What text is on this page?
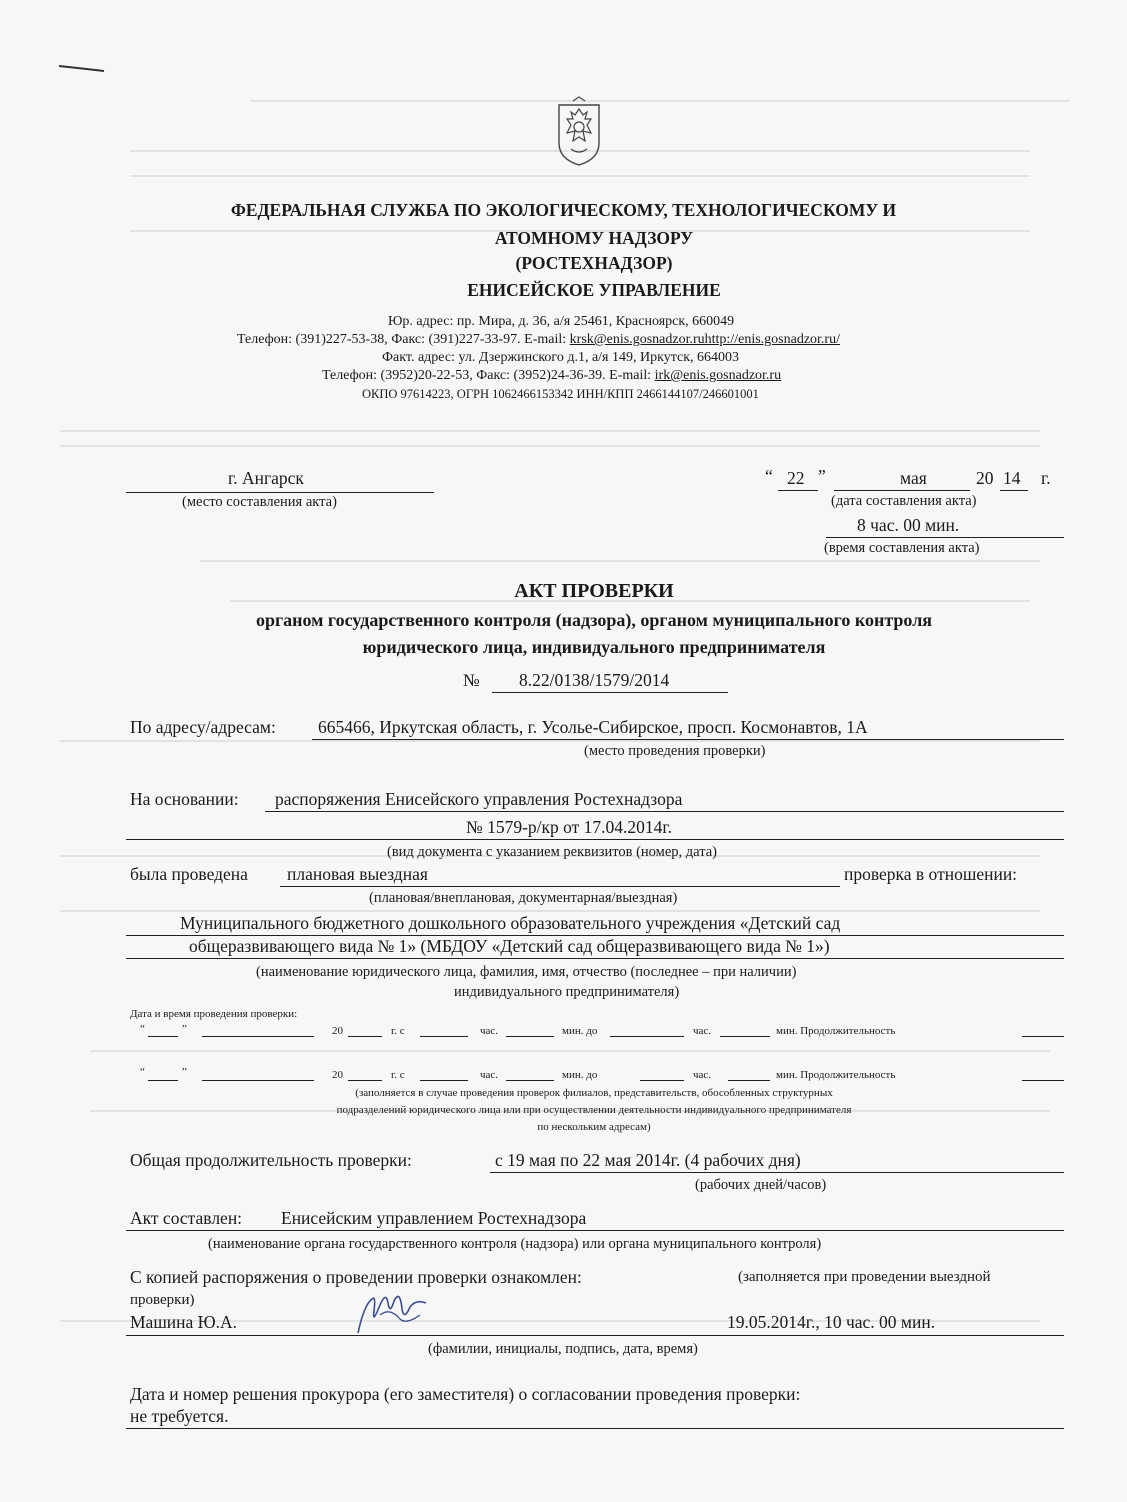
ФЕДЕРАЛЬНАЯ СЛУЖБА ПО ЭКОЛОГИЧЕСКОМУ, ТЕХНОЛОГИЧЕСКОМУ И
АТОМНОМУ НАДЗОРУ
(РОСТЕХНАДЗОР)
ЕНИСЕЙСКОЕ УПРАВЛЕНИЕ
Юр. адрес: пр. Мира, д. 36, а/я 25461, Красноярск, 660049
Телефон: (391)227-53-38, Факс: (391)227-33-97. E-mail: krsk@enis.gosnadzor.ruhttp://enis.gosnadzor.ru/
Факт. адрес: ул. Дзержинского д.1, а/я 149, Иркутск, 664003
Телефон: (3952)20-22-53, Факс: (3952)24-36-39. E-mail: irk@enis.gosnadzor.ru
ОКПО 97614223, ОГРН 1062466153342 ИНН/КПП 2466144107/246601001
г. Ангарск
(место составления акта)
“ 22 ”	мая	20 14 г.
(дата составления акта)
8 час. 00 мин.
(время составления акта)
АКТ ПРОВЕРКИ
органом государственного контроля (надзора), органом муниципального контроля
юридического лица, индивидуального предпринимателя
№ 8.22/0138/1579/2014
По адресу/адресам: 665466, Иркутская область, г. Усолье-Сибирское, просп. Космонавтов, 1А
(место проведения проверки)
На основании: распоряжения Енисейского управления Ростехнадзора
№ 1579-р/кр от 17.04.2014г.
(вид документа с указанием реквизитов (номер, дата)
была проведена плановая выездная	проверка в отношении:
(плановая/внеплановая, документарная/выездная)
Муниципального бюджетного дошкольного образовательного учреждения «Детский сад
общеразвивающего вида № 1» (МБДОУ «Детский сад общеразвивающего вида № 1»)
(наименование юридического лица, фамилия, имя, отчество (последнее – при наличии)
индивидуального предпринимателя)
Дата и время проведения проверки:
“	”	20	г. с	час.	мин. до	час.	мин. Продолжительность
“	”	20	г. с	час.	мин. до	час.	мин. Продолжительность
(заполняется в случае проведения проверок филиалов, представительств, обособленных структурных
подразделений юридического лица или при осуществлении деятельности индивидуального предпринимателя
по нескольким адресам)
Общая продолжительность проверки:	с 19 мая по 22 мая 2014г. (4 рабочих дня)
(рабочих дней/часов)
Акт составлен: Енисейским управлением Ростехнадзора
(наименование органа государственного контроля (надзора) или органа муниципального контроля)
С копией распоряжения о проведении проверки ознакомлен:	(заполняется при проведении выездной
проверки)
Машина Ю.А.	19.05.2014г., 10 час. 00 мин.
(фамилии, инициалы, подпись, дата, время)
Дата и номер решения прокурора (его заместителя) о согласовании проведения проверки:
не требуется.
